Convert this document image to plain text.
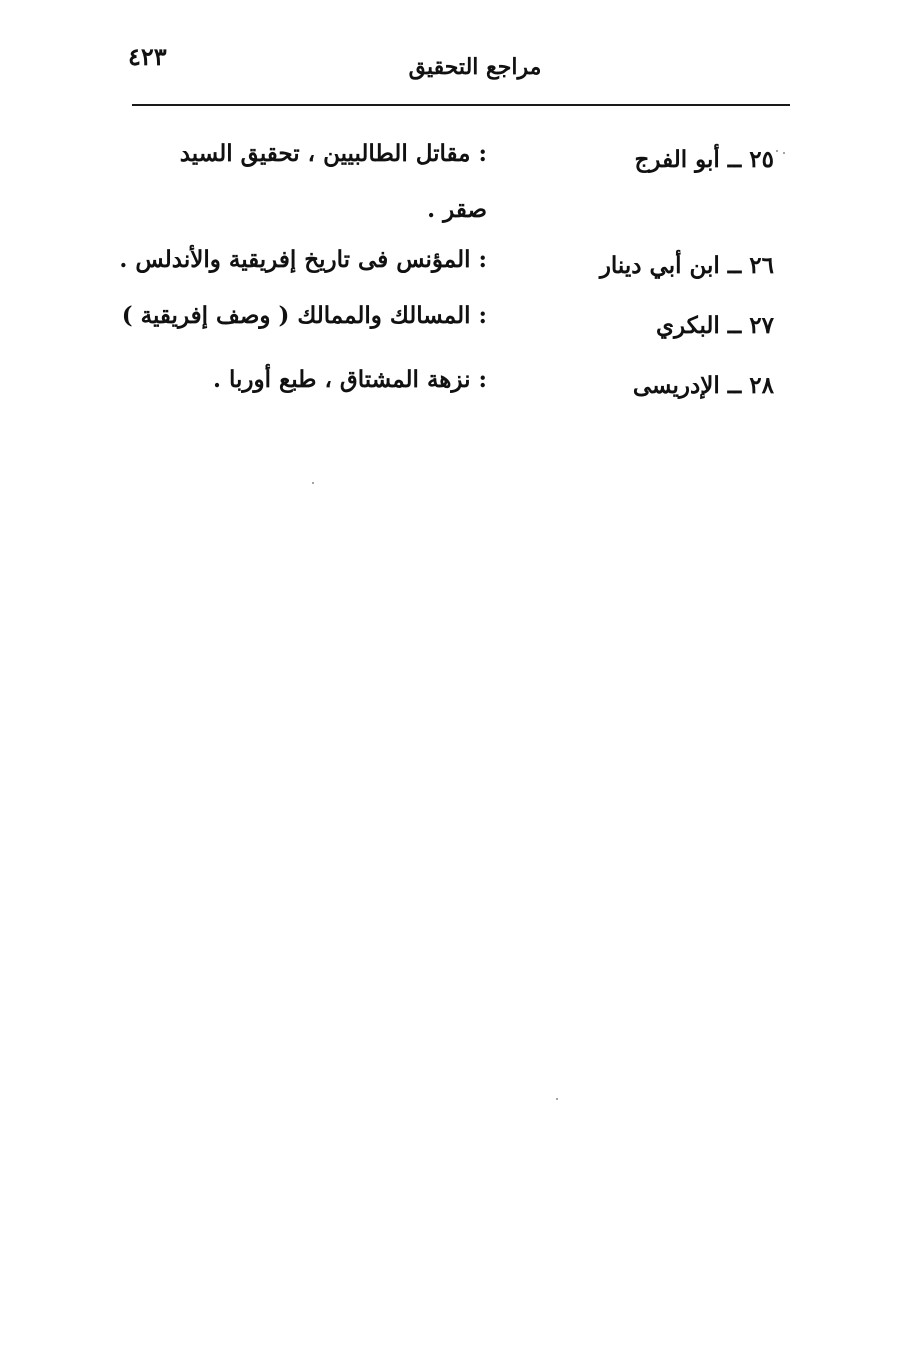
٤٢٣	مراجع التحقيق
٢٥ ــ أبو الفرج
: مقاتل الطالبيين ، تحقيق السيد
صقر .
٢٦ ــ ابن أبي دينار
: المؤنس فى تاريخ إفريقية والأندلس .
٢٧ ــ البكري
: المسالك والممالك ( وصف إفريقية )
٢٨ ــ الإدريسى
: نزهة المشتاق ، طبع أوربا .
